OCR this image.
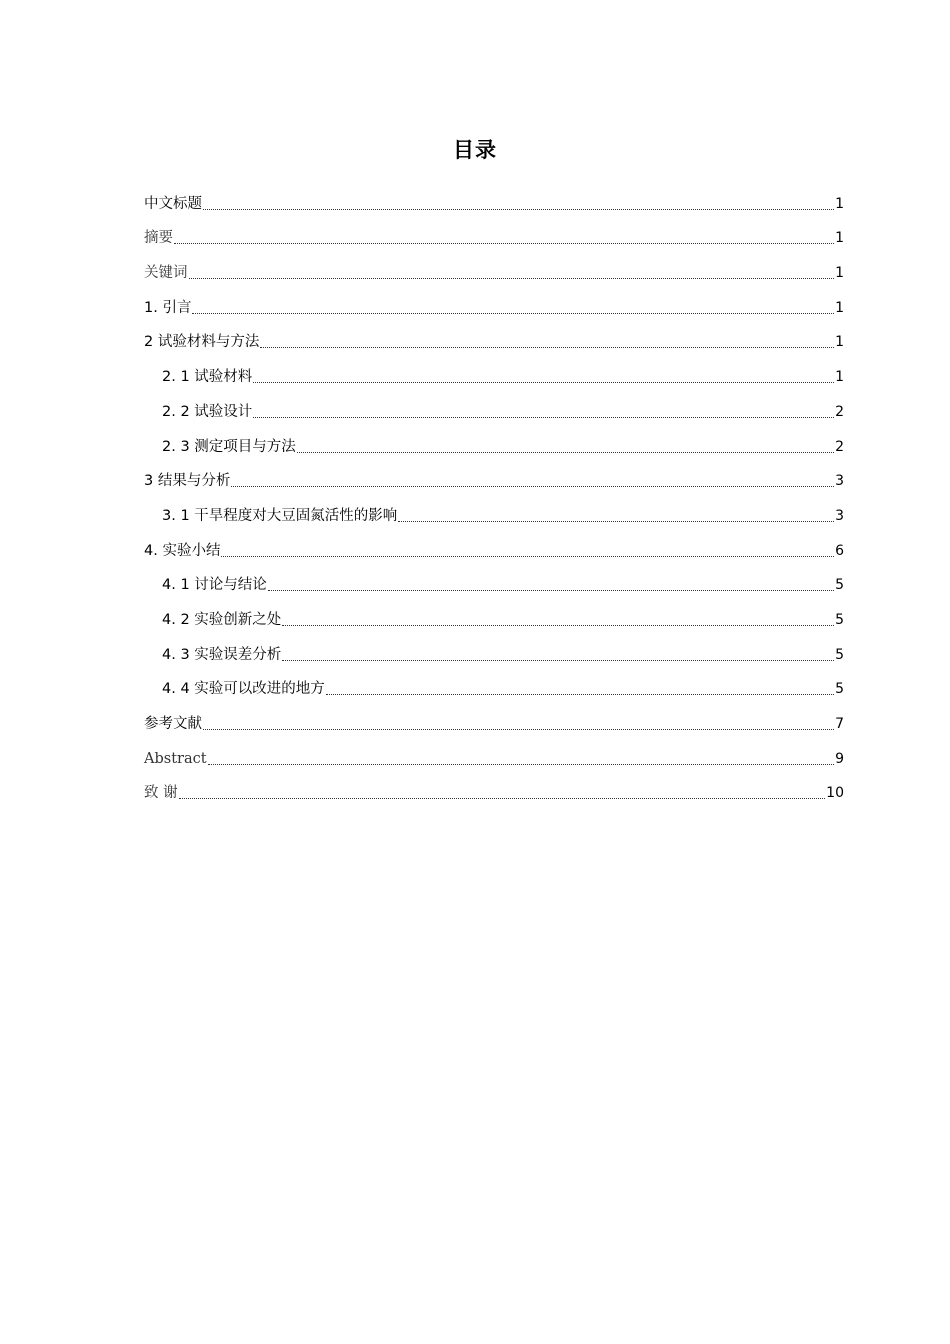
目录
中文标题	1
摘要	1
关键词	1
1. 引言	1
2 试验材料与方法	1
2. 1 试验材料	1
2. 2 试验设计	2
2. 3 测定项目与方法	2
3 结果与分析	3
3. 1 干旱程度对大豆固氮活性的影响	3
4. 实验小结	6
4. 1 讨论与结论	5
4. 2 实验创新之处	5
4. 3 实验误差分析	5
4. 4 实验可以改进的地方	5
参考文献	7
Abstract	9
致 谢	10
